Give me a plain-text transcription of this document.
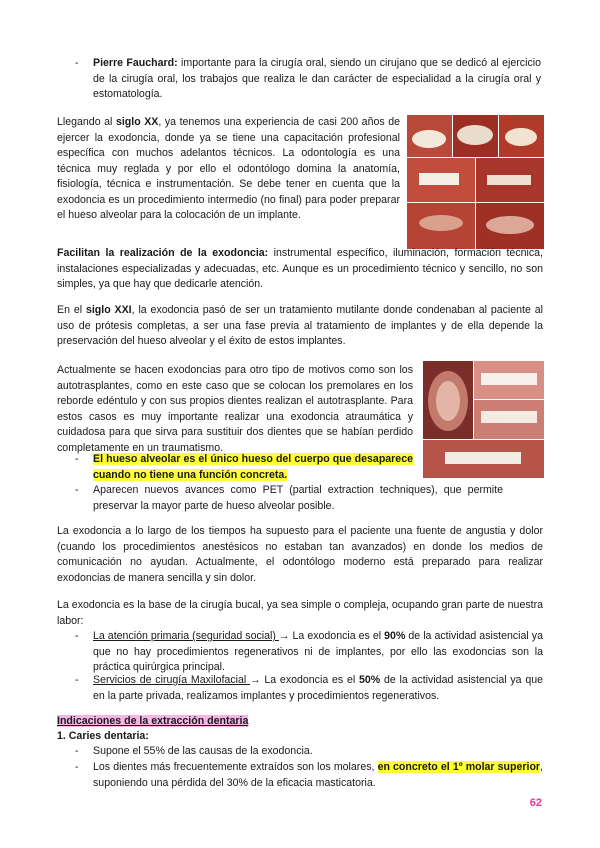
- Pierre Fauchard: importante para la cirugía oral, siendo un cirujano que se dedicó al ejercicio de la cirugía oral, los trabajos que realiza le dan carácter de especialidad a la cirugía oral y estomatología.

Llegando al siglo XX, ya tenemos una experiencia de casi 200 años de ejercer la exodoncia, donde ya se tiene una capacitación profesional específica con muchos adelantos técnicos. La odontología es una técnica muy reglada y por ello el odontólogo domina la anatomía, fisiología, técnica e instrumentación. Se debe tener en cuenta que la exodoncia es un procedimiento intermedio (no final) para poder preparar el hueso alveolar para la colocación de un implante.

Facilitan la realización de la exodoncia: instrumental específico, iluminación, formación técnica, instalaciones especializadas y adecuadas, etc. Aunque es un procedimiento técnico y sencillo, no son simples, ya que hay que dedicarle atención.

En el siglo XXI, la exodoncia pasó de ser un tratamiento mutilante donde condenaban al paciente al uso de prótesis completas, a ser una fase previa al tratamiento de implantes y de ella depende la preservación del hueso alveolar y el éxito de estos implantes.

Actualmente se hacen exodoncias para otro tipo de motivos como son los autotrasplantes, como en este caso que se colocan los premolares en los reborde edéntulo y con sus propios dientes realizan el autotrasplante. Para estos casos es muy importante realizar una exodoncia atraumática y cuidadosa para que sirva para sustituir dos dientes que se habían perdido completamente en un traumatismo.

- El hueso alveolar es el único hueso del cuerpo que desaparece cuando no tiene una función concreta.

- Aparecen nuevos avances como PET (partial extraction techniques), que permite preservar la mayor parte de hueso alveolar posible.

La exodoncia a lo largo de los tiempos ha supuesto para el paciente una fuente de angustia y dolor (cuando los procedimientos anestésicos no estaban tan avanzados) en donde los medios de comunicación no ayudan. Actualmente, el odontólogo moderno está preparado para realizar exodoncias de manera sencilla y sin dolor.

La exodoncia es la base de la cirugía bucal, ya sea simple o compleja, ocupando gran parte de nuestra labor:

- La atención primaria (seguridad social) → La exodoncia es el 90% de la actividad asistencial ya que no hay procedimientos regenerativos ni de implantes, por ello las exodoncias son la práctica quirúrgica principal.

- Servicios de cirugía Maxilofacial → La exodoncia es el 50% de la actividad asistencial ya que en la parte privada, realizamos implantes y procedimientos regenerativos.

Indicaciones de la extracción dentaria

1. Caries dentaria:

- Supone el 55% de las causas de la exodoncia.

- Los dientes más frecuentemente extraídos son los molares, en concreto el 1º molar superior, suponiendo una pérdida del 30% de la eficacia masticatoria.

62
